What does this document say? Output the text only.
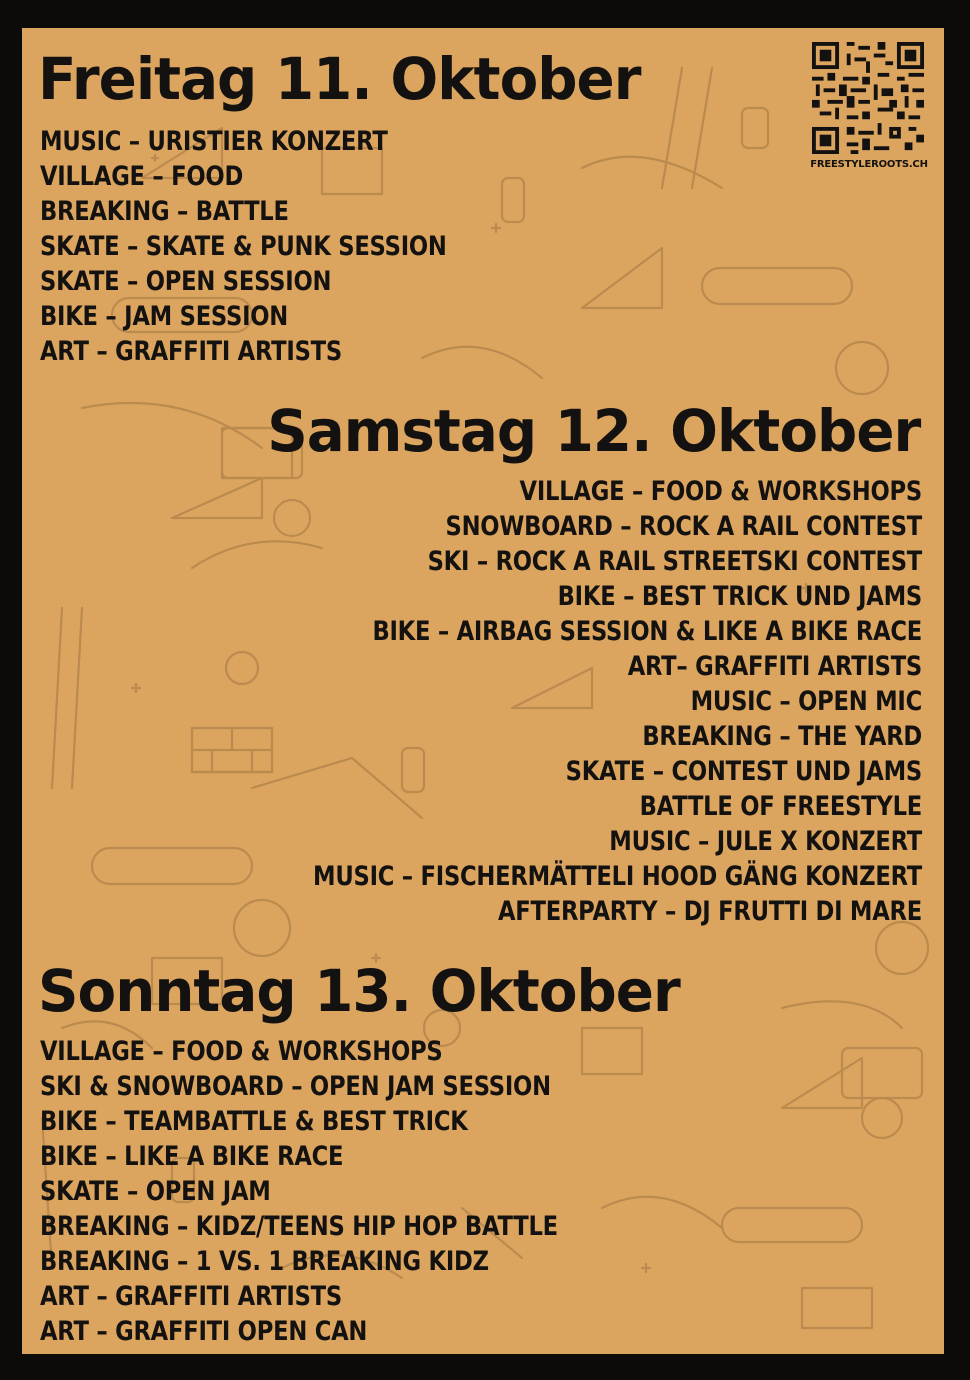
Freitag 11. Oktober
MUSIC – URISTIER KONZERT
VILLAGE – FOOD
BREAKING – BATTLE
SKATE – SKATE & PUNK SESSION
SKATE – OPEN SESSION
BIKE – JAM SESSION
ART – GRAFFITI ARTISTS
FREESTYLEROOTS.CH
Samstag 12. Oktober
VILLAGE – FOOD & WORKSHOPS
SNOWBOARD – ROCK A RAIL CONTEST
SKI – ROCK A RAIL STREETSKI CONTEST
BIKE – BEST TRICK UND JAMS
BIKE – AIRBAG SESSION & LIKE A BIKE RACE
ART– GRAFFITI ARTISTS
MUSIC – OPEN MIC
BREAKING – THE YARD
SKATE – CONTEST UND JAMS
BATTLE OF FREESTYLE
MUSIC – JULE X KONZERT
MUSIC – FISCHERMÄTTELI HOOD GÄNG KONZERT
AFTERPARTY – DJ FRUTTI DI MARE
Sonntag 13. Oktober
VILLAGE – FOOD & WORKSHOPS
SKI & SNOWBOARD – OPEN JAM SESSION
BIKE – TEAMBATTLE & BEST TRICK
BIKE – LIKE A BIKE RACE
SKATE – OPEN JAM
BREAKING – KIDZ/TEENS HIP HOP BATTLE
BREAKING – 1 VS. 1 BREAKING KIDZ
ART – GRAFFITI ARTISTS
ART – GRAFFITI OPEN CAN
